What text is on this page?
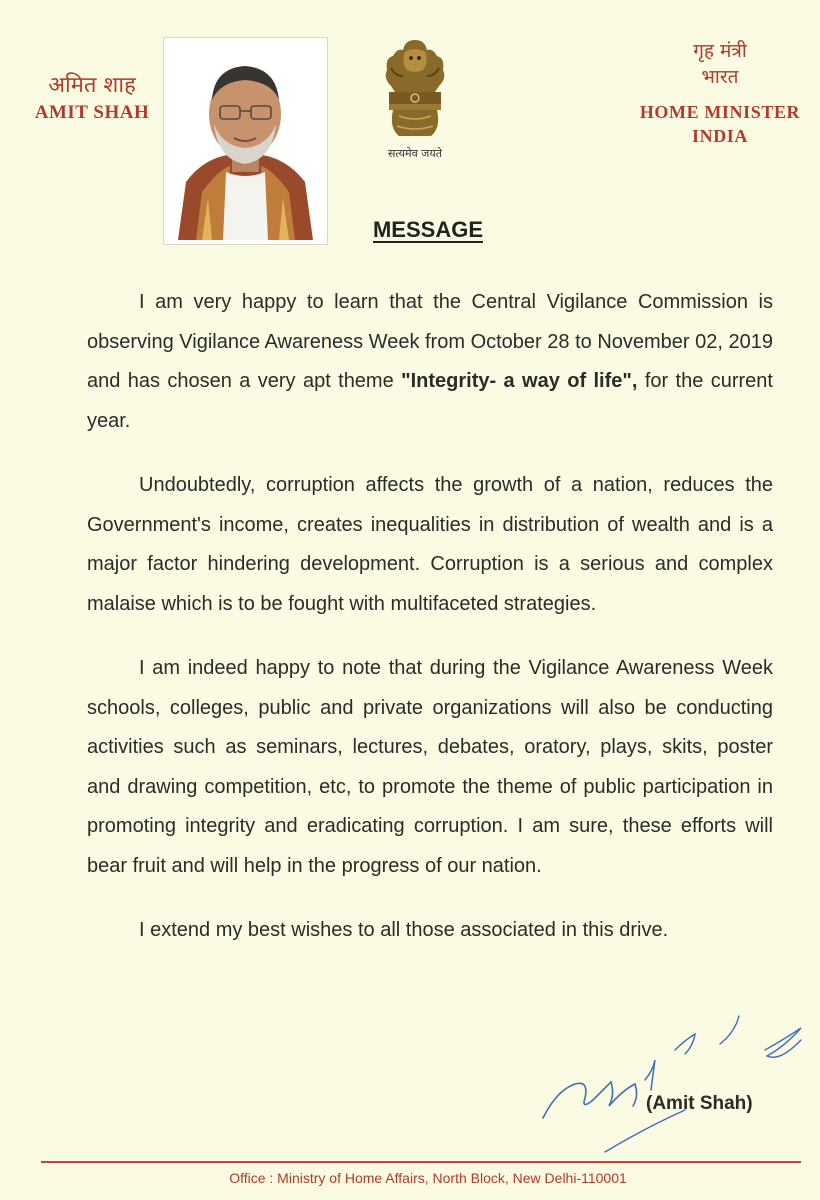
अमित शाह
AMIT SHAH
सत्यमेव जयते
गृह मंत्री
भारत
HOME MINISTER
INDIA
MESSAGE

I am very happy to learn that the Central Vigilance Commission is observing Vigilance Awareness Week from October 28 to November 02, 2019 and has chosen a very apt theme "Integrity- a way of life", for the current year.

Undoubtedly, corruption affects the growth of a nation, reduces the Government's income, creates inequalities in distribution of wealth and is a major factor hindering development. Corruption is a serious and complex malaise which is to be fought with multifaceted strategies.

I am indeed happy to note that during the Vigilance Awareness Week schools, colleges, public and private organizations will also be conducting activities such as seminars, lectures, debates, oratory, plays, skits, poster and drawing competition, etc, to promote the theme of public participation in promoting integrity and eradicating corruption. I am sure, these efforts will bear fruit and will help in the progress of our nation.

I extend my best wishes to all those associated in this drive.

(Amit Shah)
Office : Ministry of Home Affairs, North Block, New Delhi-110001
